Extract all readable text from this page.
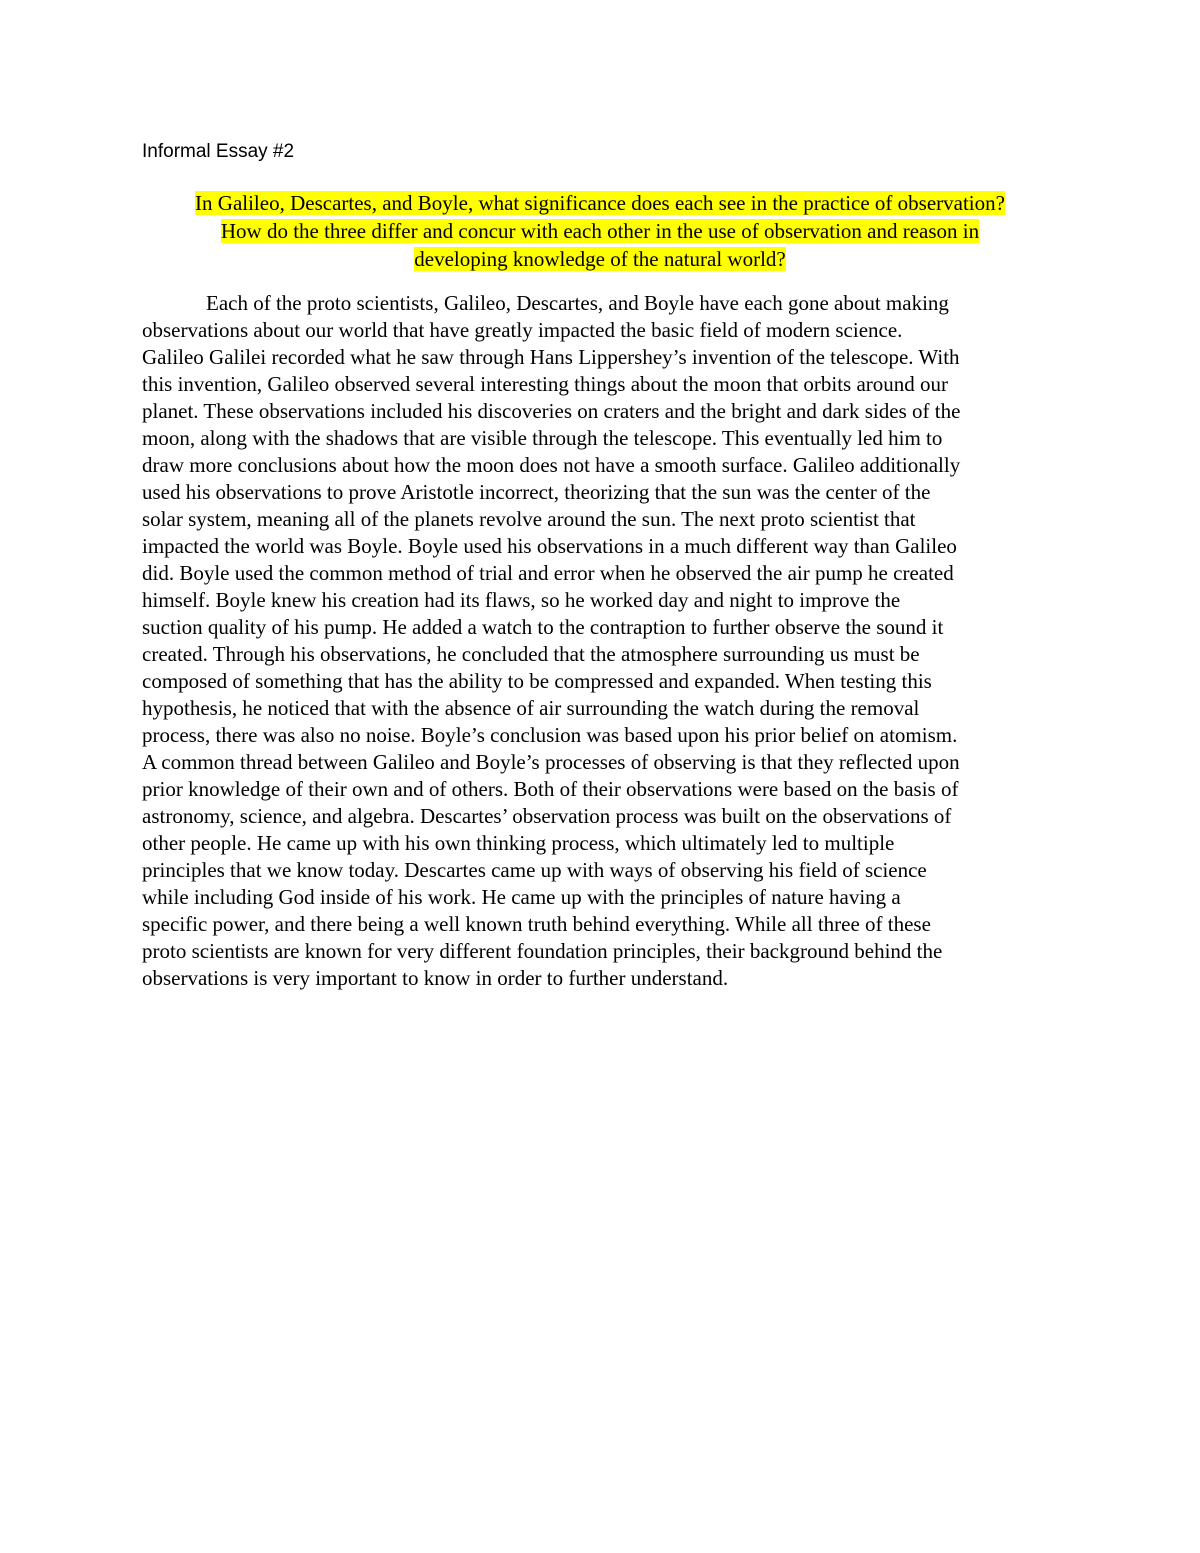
Informal Essay #2
In Galileo, Descartes, and Boyle, what significance does each see in the practice of observation?
How do the three differ and concur with each other in the use of observation and reason in
developing knowledge of the natural world?
Each of the proto scientists, Galileo, Descartes, and Boyle have each gone about making
observations about our world that have greatly impacted the basic field of modern science.
Galileo Galilei recorded what he saw through Hans Lippershey’s invention of the telescope. With
this invention, Galileo observed several interesting things about the moon that orbits around our
planet. These observations included his discoveries on craters and the bright and dark sides of the
moon, along with the shadows that are visible through the telescope. This eventually led him to
draw more conclusions about how the moon does not have a smooth surface. Galileo additionally
used his observations to prove Aristotle incorrect, theorizing that the sun was the center of the
solar system, meaning all of the planets revolve around the sun. The next proto scientist that
impacted the world was Boyle. Boyle used his observations in a much different way than Galileo
did. Boyle used the common method of trial and error when he observed the air pump he created
himself. Boyle knew his creation had its flaws, so he worked day and night to improve the
suction quality of his pump. He added a watch to the contraption to further observe the sound it
created. Through his observations, he concluded that the atmosphere surrounding us must be
composed of something that has the ability to be compressed and expanded. When testing this
hypothesis, he noticed that with the absence of air surrounding the watch during the removal
process, there was also no noise. Boyle’s conclusion was based upon his prior belief on atomism.
A common thread between Galileo and Boyle’s processes of observing is that they reflected upon
prior knowledge of their own and of others. Both of their observations were based on the basis of
astronomy, science, and algebra. Descartes’ observation process was built on the observations of
other people. He came up with his own thinking process, which ultimately led to multiple
principles that we know today. Descartes came up with ways of observing his field of science
while including God inside of his work. He came up with the principles of nature having a
specific power, and there being a well known truth behind everything. While all three of these
proto scientists are known for very different foundation principles, their background behind the
observations is very important to know in order to further understand.
